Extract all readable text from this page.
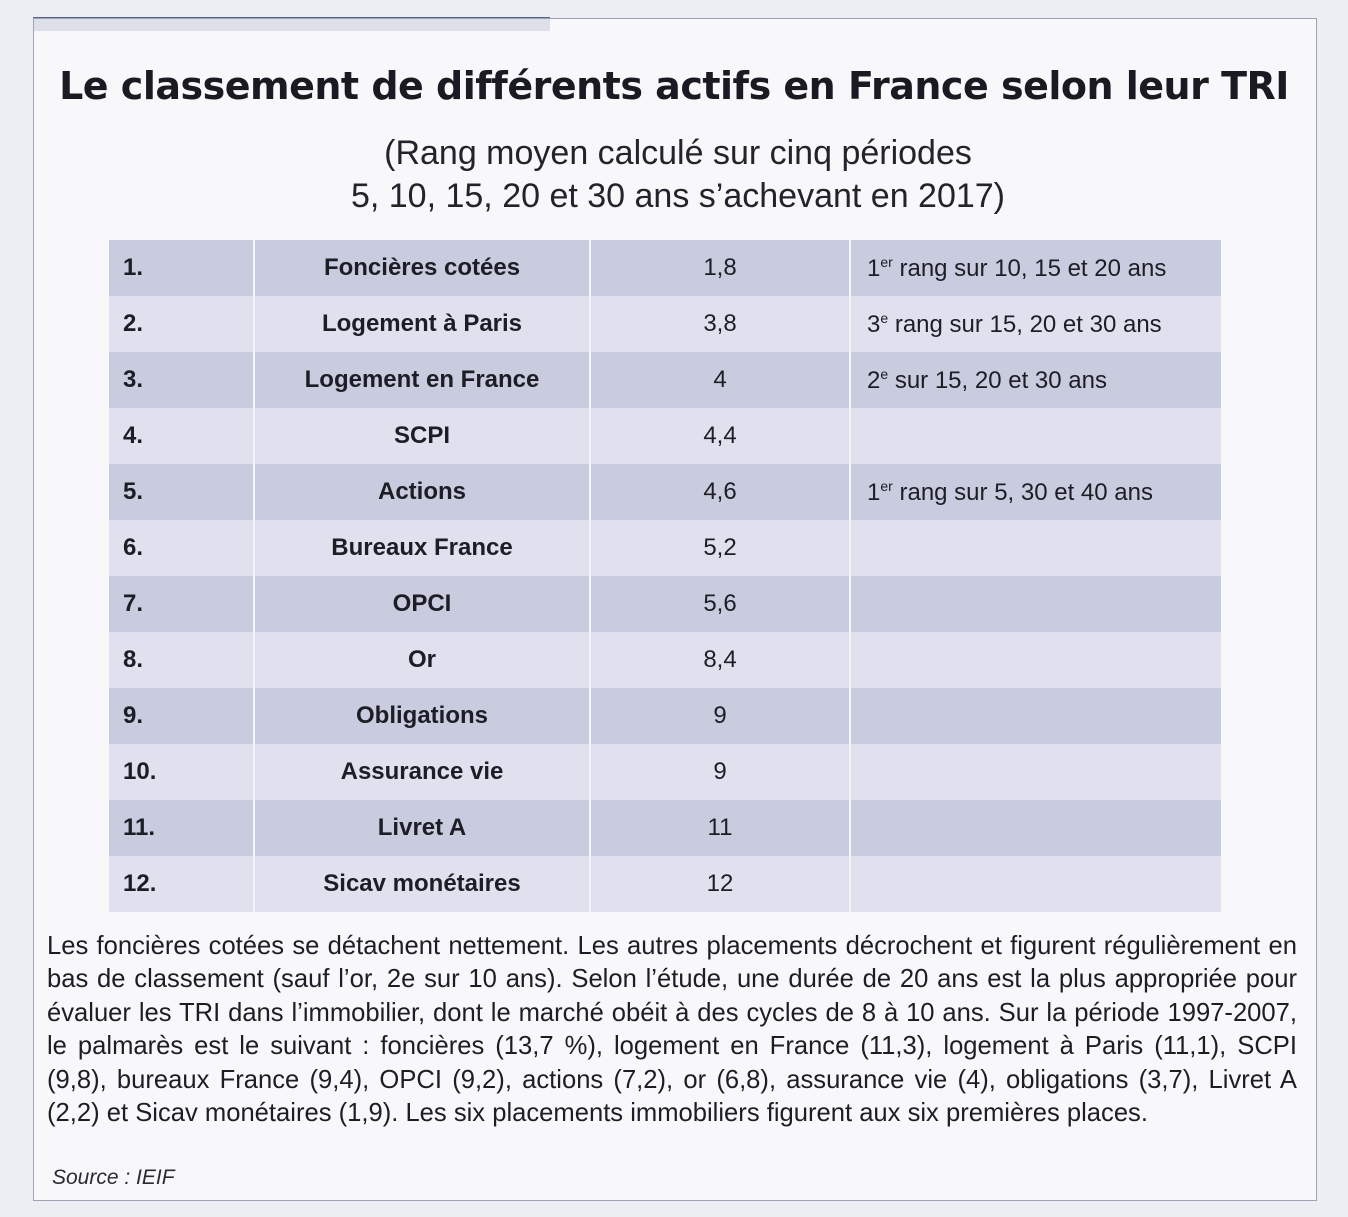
Le classement de différents actifs en France selon leur TRI
(Rang moyen calculé sur cinq périodes
5, 10, 15, 20 et 30 ans s’achevant en 2017)
1.	Foncières cotées	1,8	1er rang sur 10, 15 et 20 ans
2.	Logement à Paris	3,8	3e rang sur 15, 20 et 30 ans
3.	Logement en France	4	2e sur 15, 20 et 30 ans
4.	SCPI	4,4	
5.	Actions	4,6	1er rang sur 5, 30 et 40 ans
6.	Bureaux France	5,2	
7.	OPCI	5,6	
8.	Or	8,4	
9.	Obligations	9	
10.	Assurance vie	9	
11.	Livret A	11	
12.	Sicav monétaires	12	

Les foncières cotées se détachent nettement. Les autres placements décrochent et figurent régulièrement en bas de classement (sauf l’or, 2e sur 10 ans). Selon l’étude, une durée de 20 ans est la plus appropriée pour évaluer les TRI dans l’immobilier, dont le marché obéit à des cycles de 8 à 10 ans. Sur la période 1997-2007, le palmarès est le suivant : foncières (13,7 %), logement en France (11,3), logement à Paris (11,1), SCPI (9,8), bureaux France (9,4), OPCI (9,2), actions (7,2), or (6,8), assurance vie (4), obligations (3,7), Livret A (2,2) et Sicav monétaires (1,9). Les six placements immobiliers figurent aux six premières places.

Source : IEIF
